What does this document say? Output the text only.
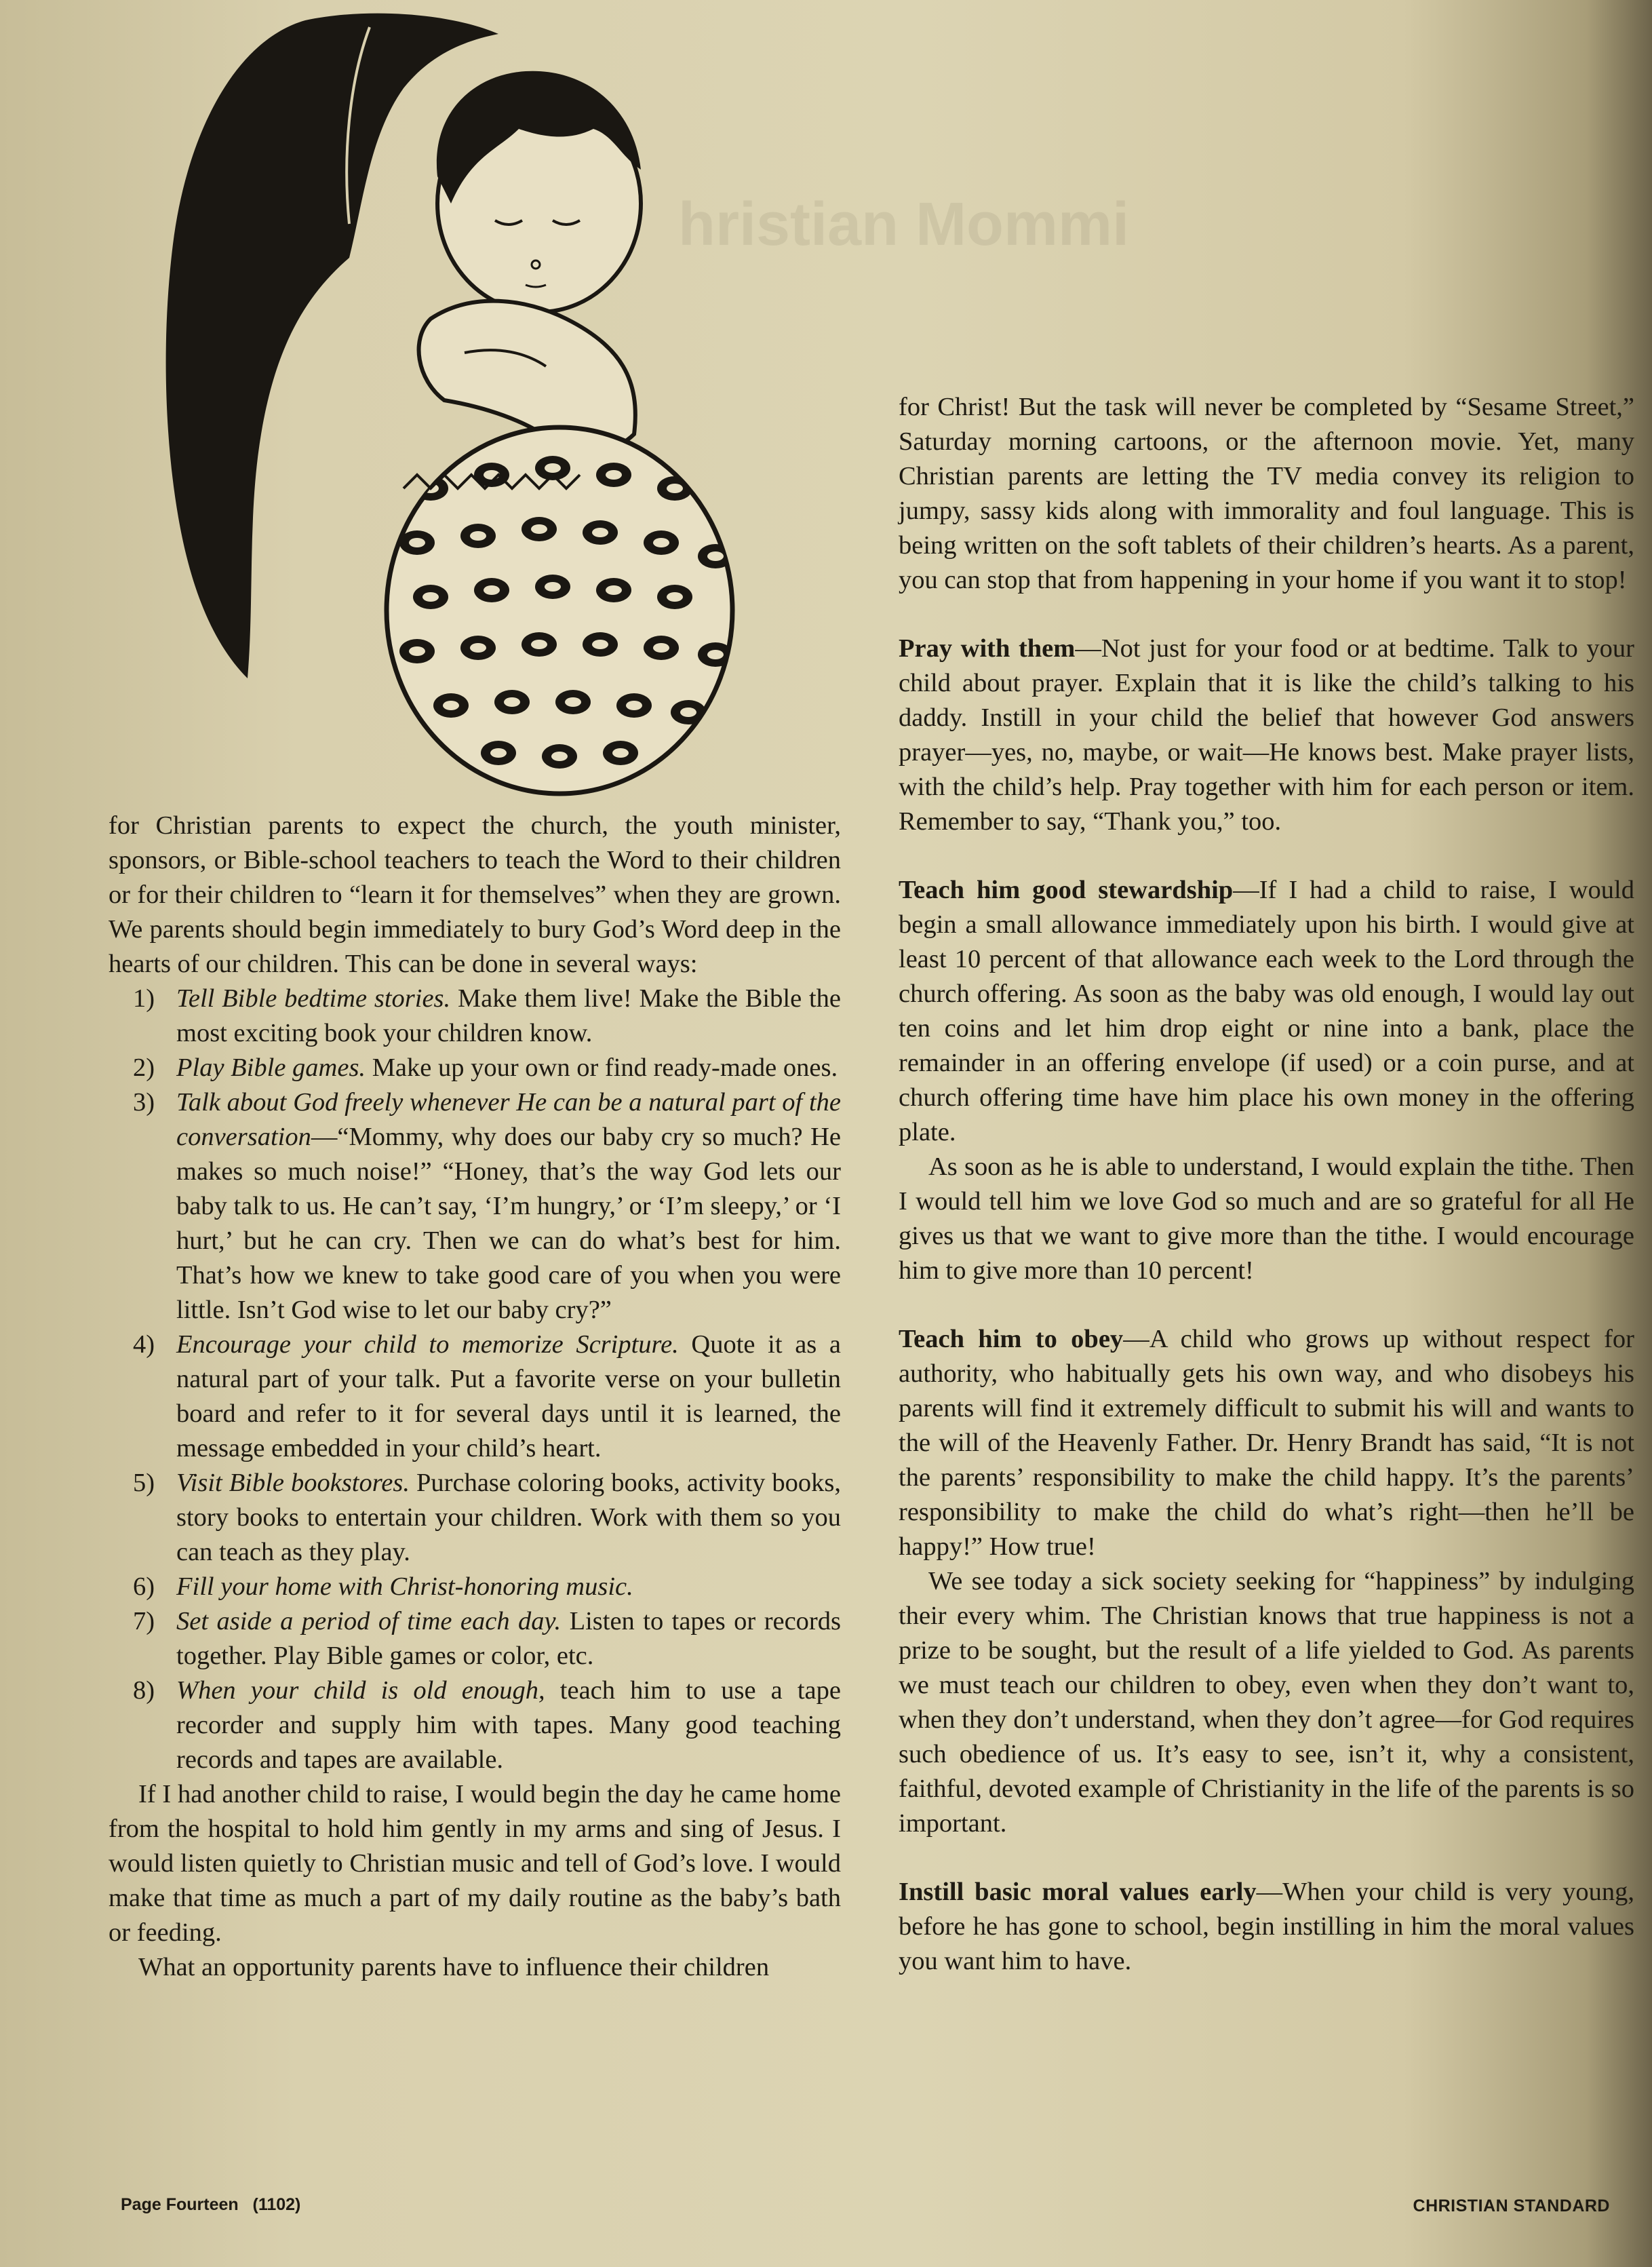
hristian Mommi

for Christian parents to expect the church, the youth minister, sponsors, or Bible-school teachers to teach the Word to their children or for their children to “learn it for themselves” when they are grown. We parents should begin immediately to bury God’s Word deep in the hearts of our children. This can be done in several ways:

1) Tell Bible bedtime stories. Make them live! Make the Bible the most exciting book your children know.
2) Play Bible games. Make up your own or find ready-made ones.
3) Talk about God freely whenever He can be a natural part of the conversation—“Mommy, why does our baby cry so much? He makes so much noise!” “Honey, that’s the way God lets our baby talk to us. He can’t say, ‘I’m hungry,’ or ‘I’m sleepy,’ or ‘I hurt,’ but he can cry. Then we can do what’s best for him. That’s how we knew to take good care of you when you were little. Isn’t God wise to let our baby cry?”
4) Encourage your child to memorize Scripture. Quote it as a natural part of your talk. Put a favorite verse on your bulletin board and refer to it for several days until it is learned, the message embedded in your child’s heart.
5) Visit Bible bookstores. Purchase coloring books, activity books, story books to entertain your children. Work with them so you can teach as they play.
6) Fill your home with Christ-honoring music.
7) Set aside a period of time each day. Listen to tapes or records together. Play Bible games or color, etc.
8) When your child is old enough, teach him to use a tape recorder and supply him with tapes. Many good teaching records and tapes are available.

If I had another child to raise, I would begin the day he came home from the hospital to hold him gently in my arms and sing of Jesus. I would listen quietly to Christian music and tell of God’s love. I would make that time as much a part of my daily routine as the baby’s bath or feeding.

What an opportunity parents have to influence their children

for Christ! But the task will never be completed by “Sesame Street,” Saturday morning cartoons, or the afternoon movie. Yet, many Christian parents are letting the TV media convey its religion to jumpy, sassy kids along with immorality and foul language. This is being written on the soft tablets of their children’s hearts. As a parent, you can stop that from happening in your home if you want it to stop!

Pray with them—Not just for your food or at bedtime. Talk to your child about prayer. Explain that it is like the child’s talking to his daddy. Instill in your child the belief that however God answers prayer—yes, no, maybe, or wait—He knows best. Make prayer lists, with the child’s help. Pray together with him for each person or item. Remember to say, “Thank you,” too.

Teach him good stewardship—If I had a child to raise, I would begin a small allowance immediately upon his birth. I would give at least 10 percent of that allowance each week to the Lord through the church offering. As soon as the baby was old enough, I would lay out ten coins and let him drop eight or nine into a bank, place the remainder in an offering envelope (if used) or a coin purse, and at church offering time have him place his own money in the offering plate.

As soon as he is able to understand, I would explain the tithe. Then I would tell him we love God so much and are so grateful for all He gives us that we want to give more than the tithe. I would encourage him to give more than 10 percent!

Teach him to obey—A child who grows up without respect for authority, who habitually gets his own way, and who disobeys his parents will find it extremely difficult to submit his will and wants to the will of the Heavenly Father. Dr. Henry Brandt has said, “It is not the parents’ responsibility to make the child happy. It’s the parents’ responsibility to make the child do what’s right—then he’ll be happy!” How true!

We see today a sick society seeking for “happiness” by indulging their every whim. The Christian knows that true happiness is not a prize to be sought, but the result of a life yielded to God. As parents we must teach our children to obey, even when they don’t want to, when they don’t understand, when they don’t agree—for God requires such obedience of us. It’s easy to see, isn’t it, why a consistent, faithful, devoted example of Christianity in the life of the parents is so important.

Instill basic moral values early—When your child is very young, before he has gone to school, begin instilling in him the moral values you want him to have.

Page Fourteen (1102)	CHRISTIAN STANDARD
